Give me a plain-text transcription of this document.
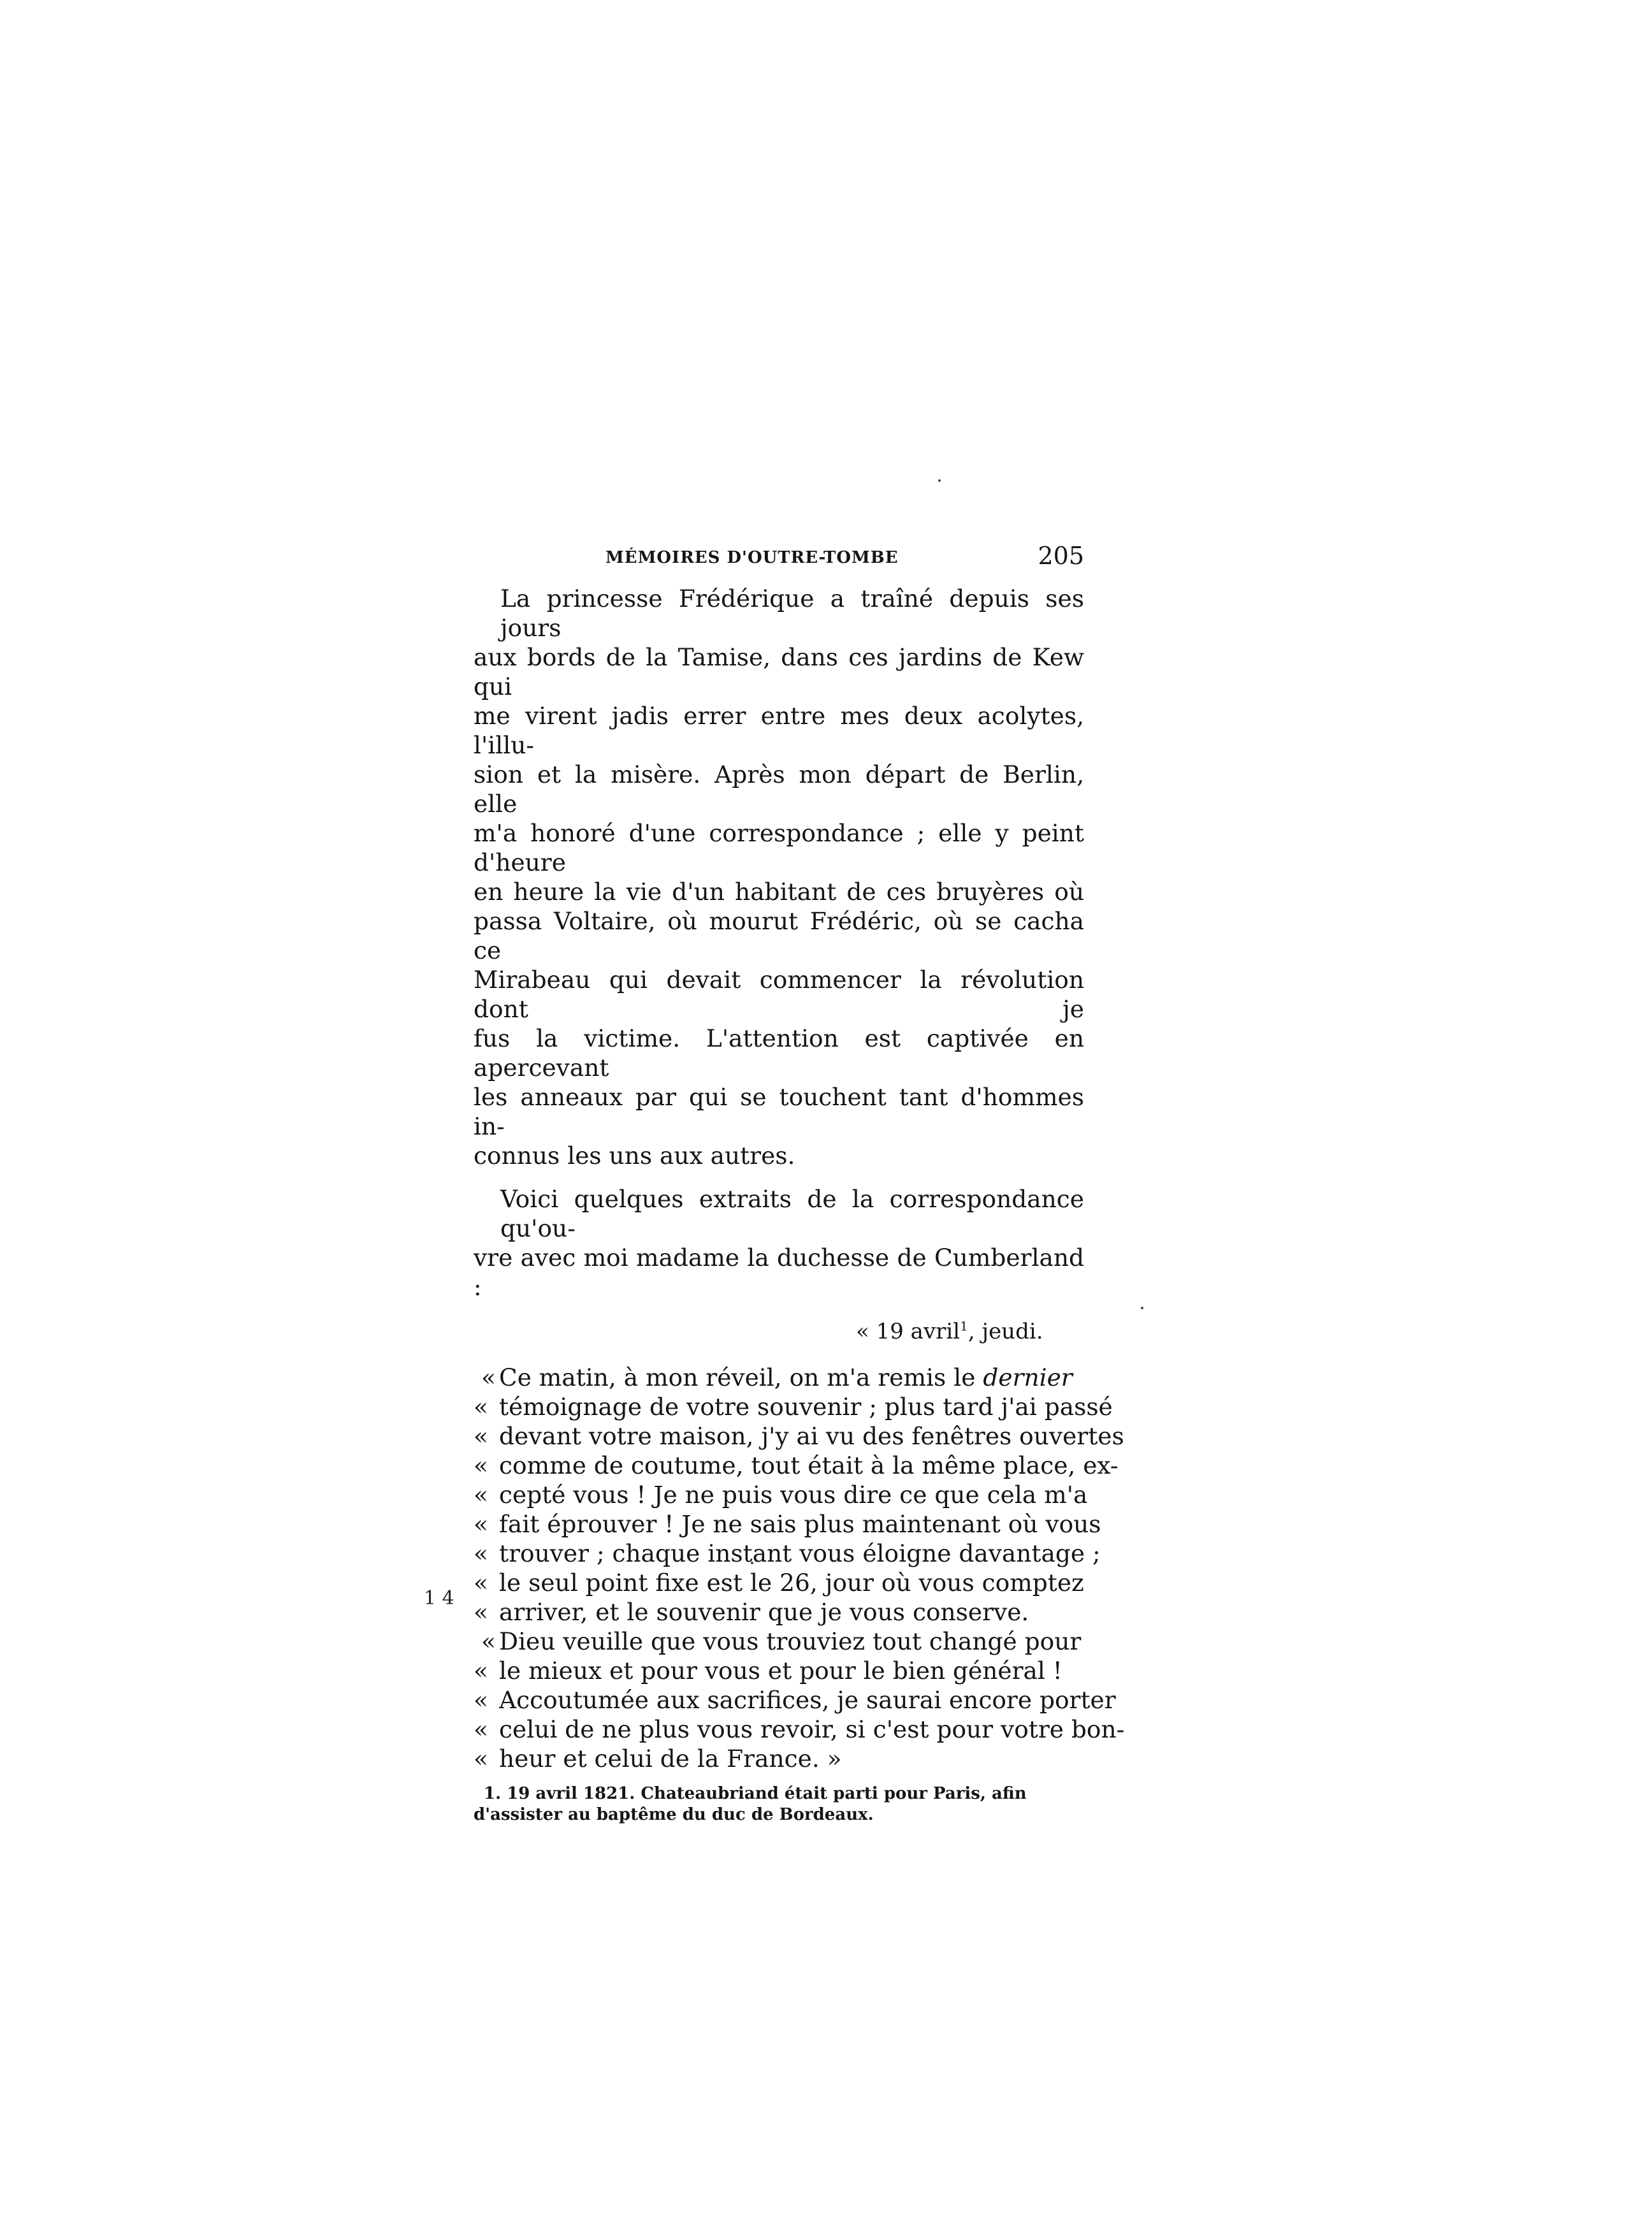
MÉMOIRES D'OUTRE-TOMBE	205

La princesse Frédérique a traîné depuis ses jours
aux bords de la Tamise, dans ces jardins de Kew qui
me virent jadis errer entre mes deux acolytes, l'illu-
sion et la misère. Après mon départ de Berlin, elle
m'a honoré d'une correspondance ; elle y peint d'heure
en heure la vie d'un habitant de ces bruyères où
passa Voltaire, où mourut Frédéric, où se cacha ce
Mirabeau qui devait commencer la révolution dont je
fus la victime. L'attention est captivée en apercevant
les anneaux par qui se touchent tant d'hommes in-
connus les uns aux autres.

Voici quelques extraits de la correspondance qu'ou-
vre avec moi madame la duchesse de Cumberland :

« 19 avril$^1$, jeudi.
« Ce matin, à mon réveil, on m'a remis le dernier
« témoignage de votre souvenir ; plus tard j'ai passé
« devant votre maison, j'y ai vu des fenêtres ouvertes
« comme de coutume, tout était à la même place, ex-
« cepté vous ! Je ne puis vous dire ce que cela m'a
« fait éprouver ! Je ne sais plus maintenant où vous
« trouver ; chaque instant vous éloigne davantage ;
« le seul point fixe est le 26, jour où vous comptez
« arriver, et le souvenir que je vous conserve.
« Dieu veuille que vous trouviez tout changé pour
« le mieux et pour vous et pour le bien général !
« Accoutumée aux sacrifices, je saurai encore porter
« celui de ne plus vous revoir, si c'est pour votre bon-
« heur et celui de la France. »
1. 19 avril 1821. Chateaubriand était parti pour Paris, afin
d'assister au baptême du duc de Bordeaux.
1 4
